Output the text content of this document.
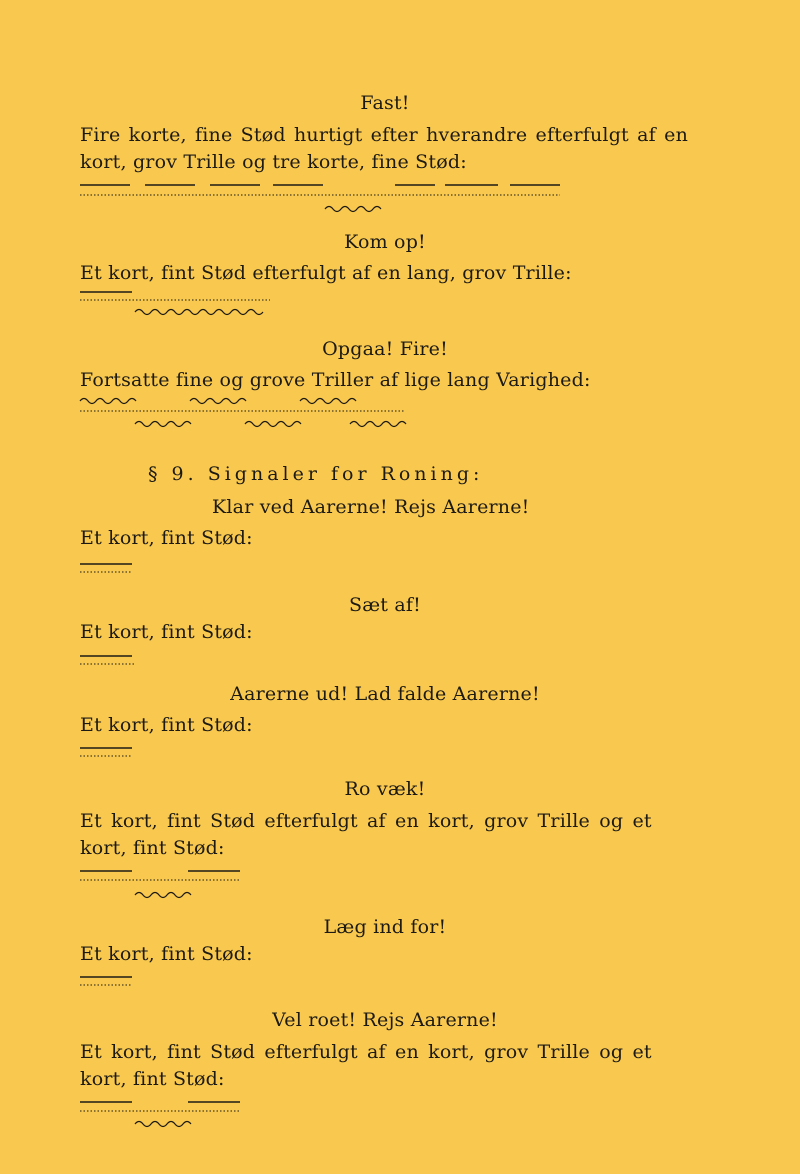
Fast!
Fire korte, fine Stød hurtigt efter hverandre efterfulgt af en
kort, grov Trille og tre korte, fine Stød:
Kom op!
Et kort, fint Stød efterfulgt af en lang, grov Trille:
Opgaa! Fire!
Fortsatte fine og grove Triller af lige lang Varighed:
§ 9. Signaler for Roning:
Klar ved Aarerne! Rejs Aarerne!
Et kort, fint Stød:
Sæt af!
Et kort, fint Stød:
Aarerne ud! Lad falde Aarerne!
Et kort, fint Stød:
Ro væk!
Et kort, fint Stød efterfulgt af en kort, grov Trille og et
kort, fint Stød:
Læg ind for!
Et kort, fint Stød:
Vel roet! Rejs Aarerne!
Et kort, fint Stød efterfulgt af en kort, grov Trille og et
kort, fint Stød:
